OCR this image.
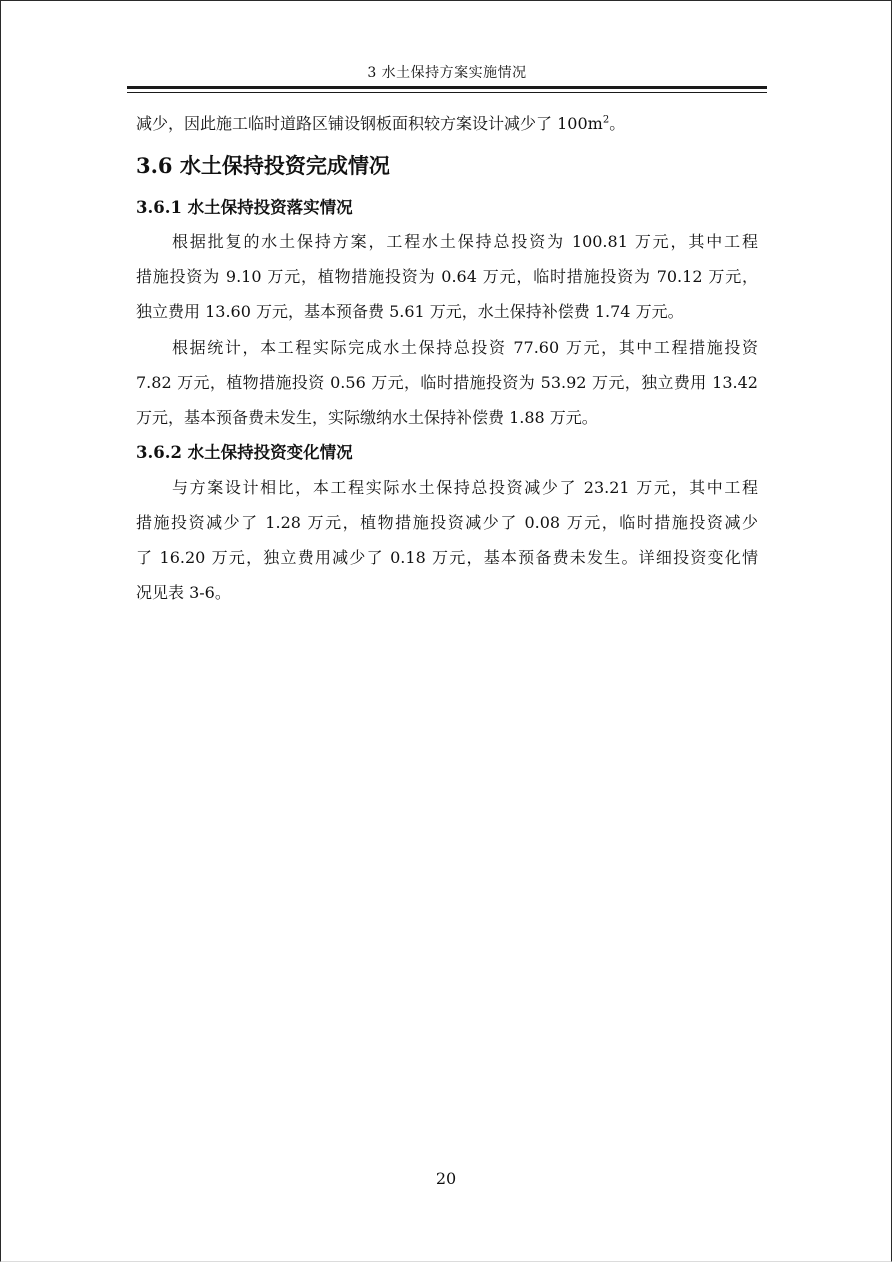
3 水土保持方案实施情况
减少，因此施工临时道路区铺设钢板面积较方案设计减少了 $100m^2$。
3.6 水土保持投资完成情况
3.6.1 水土保持投资落实情况
根据批复的水土保持方案，工程水土保持总投资为 100.81 万元，其中工程
措施投资为 9.10 万元，植物措施投资为 0.64 万元，临时措施投资为 70.12 万元，
独立费用 13.60 万元，基本预备费 5.61 万元，水土保持补偿费 1.74 万元。
根据统计，本工程实际完成水土保持总投资 77.60 万元，其中工程措施投资
7.82 万元，植物措施投资 0.56 万元，临时措施投资为 53.92 万元，独立费用 13.42
万元，基本预备费未发生，实际缴纳水土保持补偿费 1.88 万元。
3.6.2 水土保持投资变化情况
与方案设计相比，本工程实际水土保持总投资减少了 23.21 万元，其中工程
措施投资减少了 1.28 万元，植物措施投资减少了 0.08 万元，临时措施投资减少
了 16.20 万元，独立费用减少了 0.18 万元，基本预备费未发生。详细投资变化情
况见表 3-6。
20
